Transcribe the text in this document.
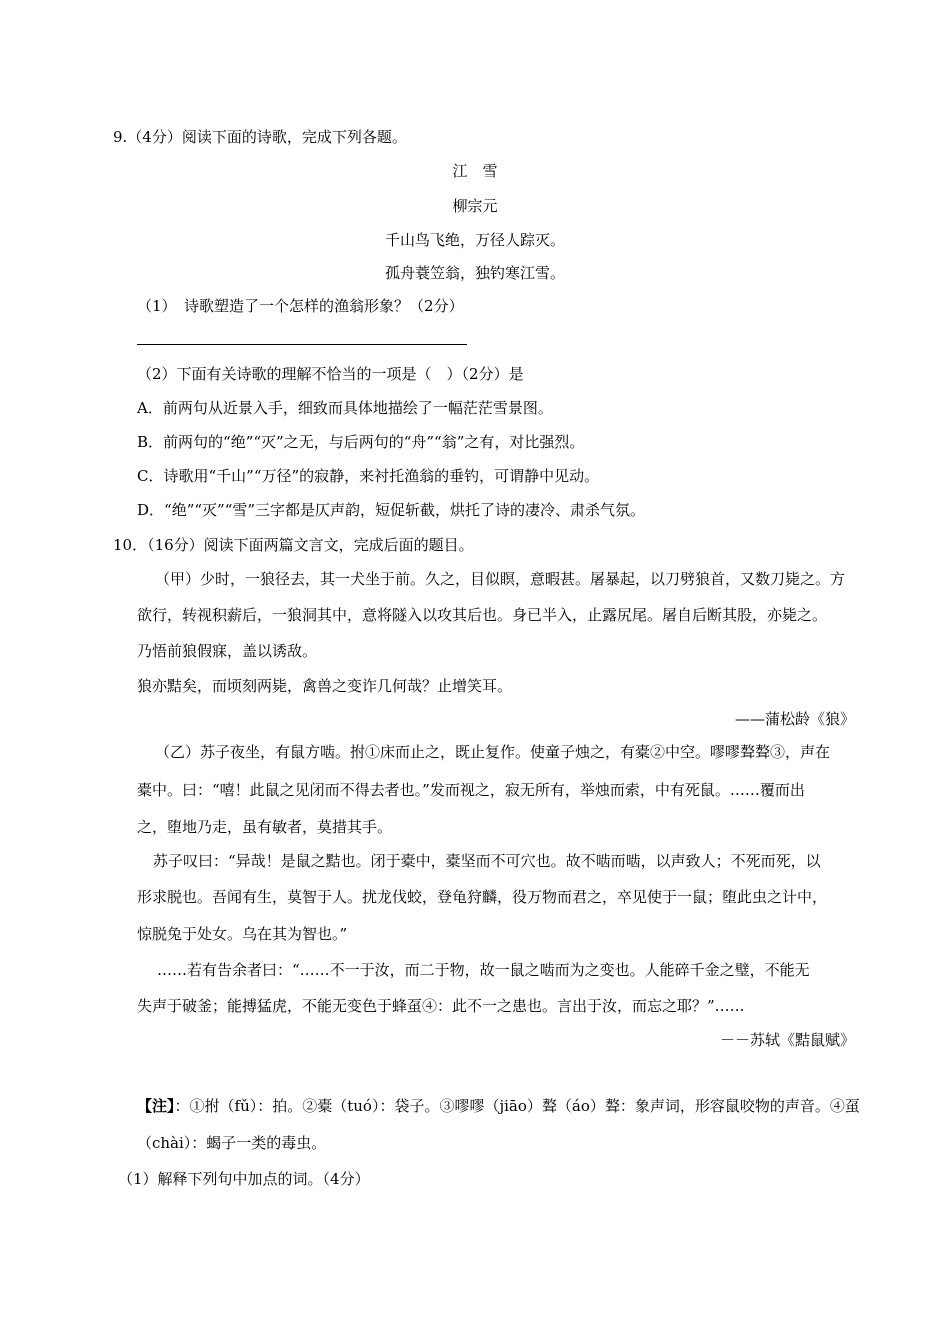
9.（4分）阅读下面的诗歌，完成下列各题。
江　雪
柳宗元
千山鸟飞绝，万径人踪灭。
孤舟蓑笠翁，独钓寒江雪。
（1）　诗歌塑造了一个怎样的渔翁形象？（2分）
（2）下面有关诗歌的理解不恰当的一项是（　）（2分）是
A．前两句从近景入手，细致而具体地描绘了一幅茫茫雪景图。
B．前两句的“绝”“灭”之无，与后两句的“舟”“翁”之有，对比强烈。
C．诗歌用“千山”“万径”的寂静，来衬托渔翁的垂钓，可谓静中见动。
D．“绝”“灭”“雪”三字都是仄声韵，短促斩截，烘托了诗的凄冷、肃杀气氛。
10．（16分）阅读下面两篇文言文，完成后面的题目。
（甲）少时，一狼径去，其一犬坐于前。久之，目似瞑，意暇甚。屠暴起，以刀劈狼首，又数刀毙之。方
欲行，转视积薪后，一狼洞其中，意将隧入以攻其后也。身已半入，止露尻尾。屠自后断其股，亦毙之。
乃悟前狼假寐，盖以诱敌。
狼亦黠矣，而顷刻两毙，禽兽之变诈几何哉？止增笑耳。
——蒲松龄《狼》
（乙）苏子夜坐，有鼠方啮。拊①床而止之，既止复作。使童子烛之，有橐②中空。嘐嘐聱聱③，声在
橐中。曰：“嘻！此鼠之见闭而不得去者也。”发而视之，寂无所有，举烛而索，中有死鼠。……覆而出
之，堕地乃走，虽有敏者，莫措其手。
苏子叹曰：“异哉！是鼠之黠也。闭于橐中，橐坚而不可穴也。故不啮而啮，以声致人；不死而死，以
形求脱也。吾闻有生，莫智于人。扰龙伐蛟，登龟狩麟，役万物而君之，卒见使于一鼠；堕此虫之计中，
惊脱兔于处女。乌在其为智也。”
……若有告余者曰：“……不一于汝，而二于物，故一鼠之啮而为之变也。人能碎千金之璧，不能无
失声于破釜；能搏猛虎，不能无变色于蜂虿④：此不一之患也。言出于汝，而忘之耶？”……
－－苏轼《黠鼠赋》
【注】：①拊（fǔ）：拍。②橐（tuó）：袋子。③嘐嘐（jiāo）聱（áo）聱：象声词，形容鼠咬物的声音。④虿
（chài）：蝎子一类的毒虫。
（1）解释下列句中加点的词。（4分）
